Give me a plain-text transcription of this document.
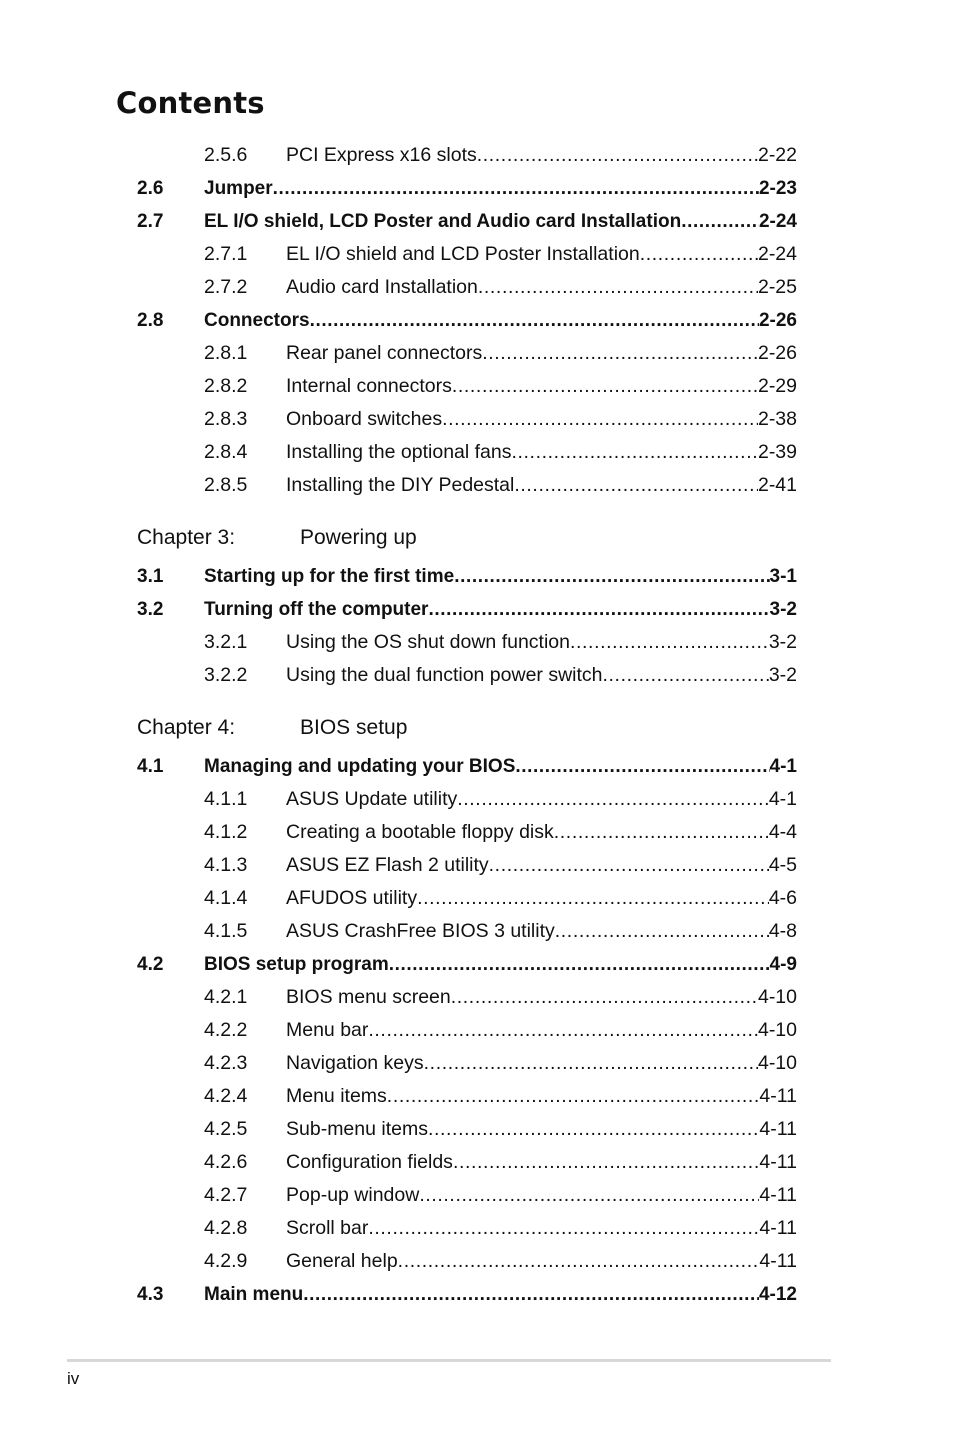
Contents
2.5.6 PCI Express x16 slots .....	2-22
2.6 Jumper .....	2-23
2.7 EL I/O shield, LCD Poster and Audio card Installation .....	2-24
2.7.1 EL I/O shield and LCD Poster Installation .....	2-24
2.7.2 Audio card Installation .....	2-25
2.8 Connectors .....	2-26
2.8.1 Rear panel connectors .....	2-26
2.8.2 Internal connectors .....	2-29
2.8.3 Onboard switches .....	2-38
2.8.4 Installing the optional fans .....	2-39
2.8.5 Installing the DIY Pedestal .....	2-41
Chapter 3:	Powering up
3.1 Starting up for the first time .....	3-1
3.2 Turning off the computer .....	3-2
3.2.1 Using the OS shut down function .....	3-2
3.2.2 Using the dual function power switch .....	3-2
Chapter 4:	BIOS setup
4.1 Managing and updating your BIOS .....	4-1
4.1.1 ASUS Update utility .....	4-1
4.1.2 Creating a bootable floppy disk .....	4-4
4.1.3 ASUS EZ Flash 2 utility .....	4-5
4.1.4 AFUDOS utility .....	4-6
4.1.5 ASUS CrashFree BIOS 3 utility .....	4-8
4.2 BIOS setup program .....	4-9
4.2.1 BIOS menu screen .....	4-10
4.2.2 Menu bar .....	4-10
4.2.3 Navigation keys .....	4-10
4.2.4 Menu items .....	4-11
4.2.5 Sub-menu items .....	4-11
4.2.6 Configuration fields .....	4-11
4.2.7 Pop-up window .....	4-11
4.2.8 Scroll bar .....	4-11
4.2.9 General help .....	4-11
4.3 Main menu .....	4-12
iv
